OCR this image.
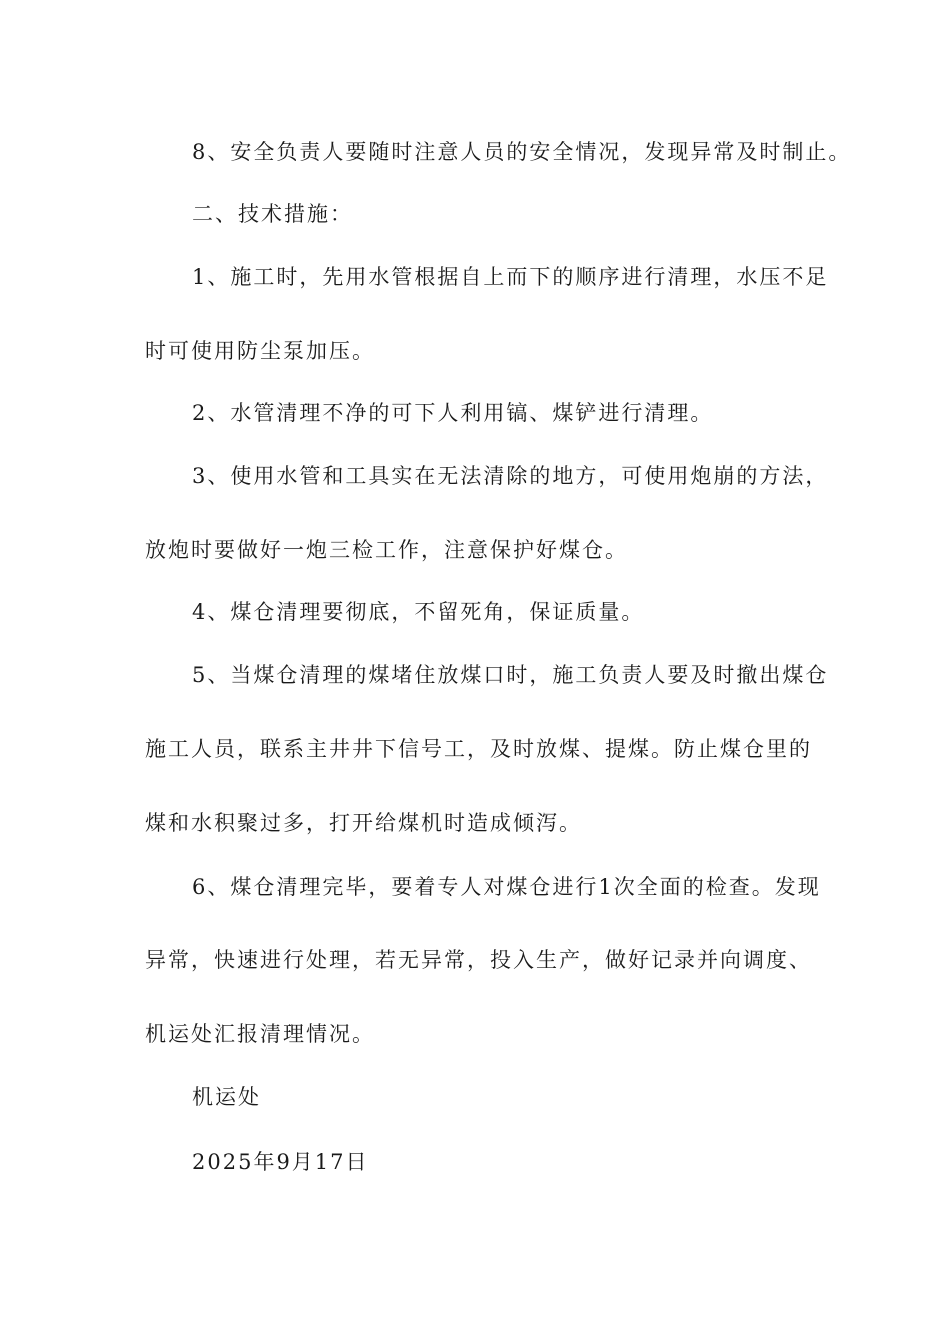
8、安全负责人要随时注意人员的安全情况，发现异常及时制止。
二、技术措施：
1、施工时，先用水管根据自上而下的顺序进行清理，水压不足
时可使用防尘泵加压。
2、水管清理不净的可下人利用镐、煤铲进行清理。
3、使用水管和工具实在无法清除的地方，可使用炮崩的方法，
放炮时要做好一炮三检工作，注意保护好煤仓。
4、煤仓清理要彻底，不留死角，保证质量。
5、当煤仓清理的煤堵住放煤口时，施工负责人要及时撤出煤仓
施工人员，联系主井井下信号工，及时放煤、提煤。防止煤仓里的
煤和水积聚过多，打开给煤机时造成倾泻。
6、煤仓清理完毕，要着专人对煤仓进行1次全面的检查。发现
异常，快速进行处理，若无异常，投入生产，做好记录并向调度、
机运处汇报清理情况。
机运处
2025年9月17日
